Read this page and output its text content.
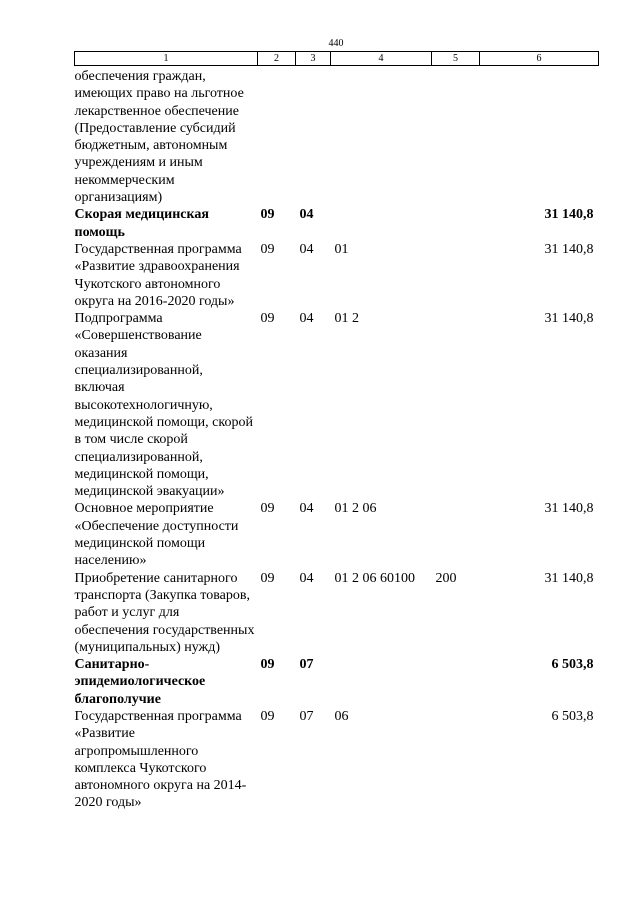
440
1	2	3	4	5	6
обеспечения граждан, имеющих право на льготное лекарственное обеспечение (Предоставление субсидий бюджетным, автономным учреждениям и иным некоммерческим организациям)					
Скорая медицинская помощь	09	04			31 140,8
Государственная программа «Развитие здравоохранения Чукотского автономного округа на 2016-2020 годы»	09	04	01		31 140,8
Подпрограмма «Совершенствование оказания специализированной, включая высокотехнологичную, медицинской помощи, скорой в том числе скорой специализированной, медицинской помощи, медицинской эвакуации»	09	04	01 2		31 140,8
Основное мероприятие «Обеспечение доступности медицинской помощи населению»	09	04	01 2 06		31 140,8
Приобретение санитарного транспорта (Закупка товаров, работ и услуг для обеспечения государственных (муниципальных) нужд)	09	04	01 2 06 60100	200	31 140,8
Санитарно-эпидемиологическое благополучие	09	07			6 503,8
Государственная программа «Развитие агропромышленного комплекса Чукотского автономного округа на 2014-2020 годы»	09	07	06		6 503,8
